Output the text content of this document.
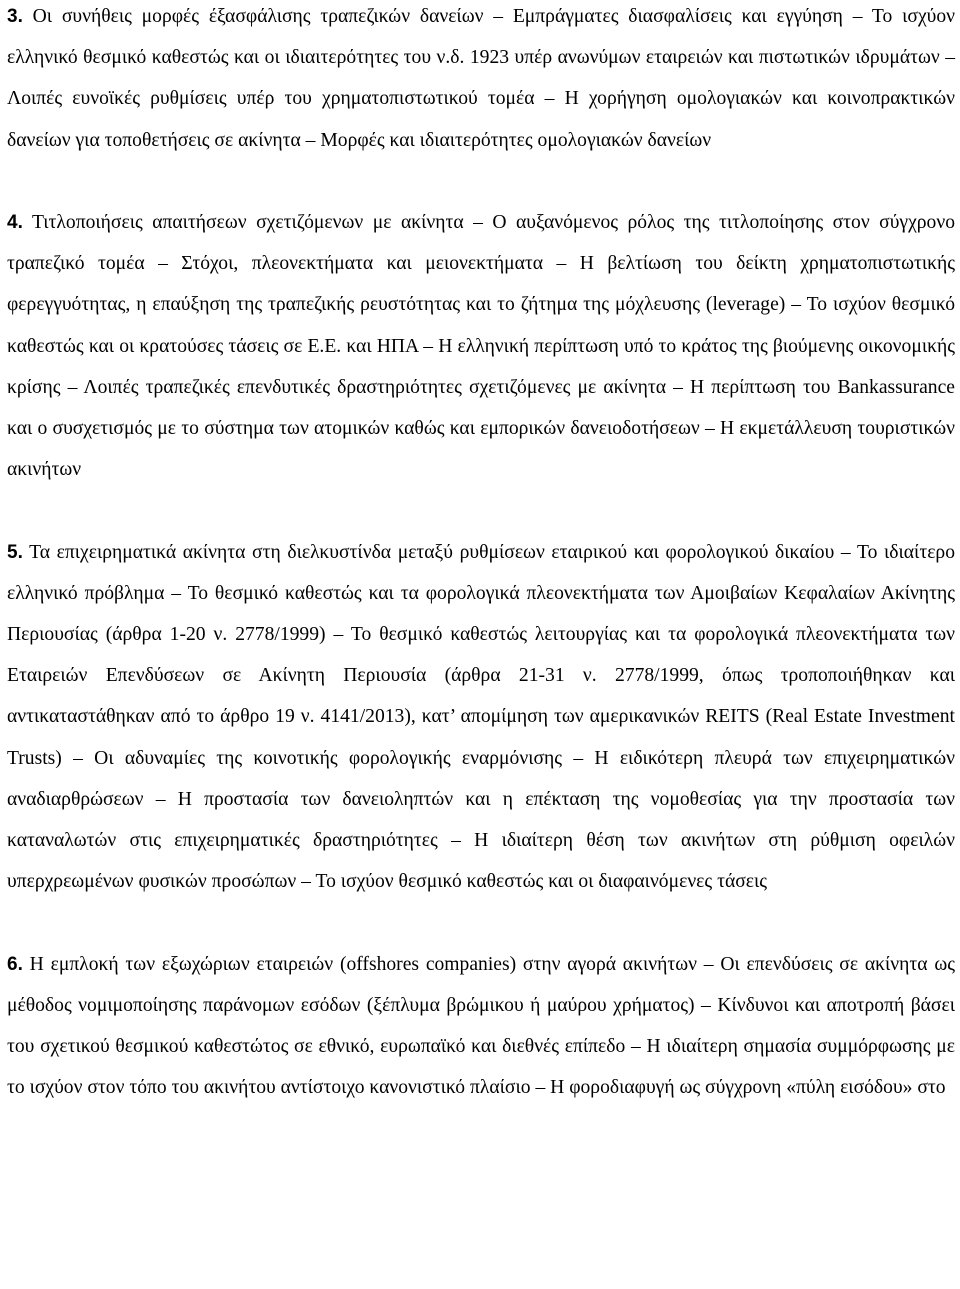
3. Οι συνήθεις μορφές έξασφάλισης τραπεζικών δανείων – Εμπράγματες διασφαλίσεις και εγγύηση – Το ισχύον ελληνικό θεσμικό καθεστώς και οι ιδιαιτερότητες του ν.δ. 1923 υπέρ ανωνύμων εταιρειών και πιστωτικών ιδρυμάτων – Λοιπές ευνοϊκές ρυθμίσεις υπέρ του χρηματοπιστωτικού τομέα – Η χορήγηση ομολογιακών και κοινοπρακτικών δανείων για τοποθετήσεις σε ακίνητα – Μορφές και ιδιαιτερότητες ομολογιακών δανείων

4. Τιτλοποιήσεις απαιτήσεων σχετιζόμενων με ακίνητα – Ο αυξανόμενος ρόλος της τιτλοποίησης στον σύγχρονο τραπεζικό τομέα – Στόχοι, πλεονεκτήματα και μειονεκτήματα – Η βελτίωση του δείκτη χρηματοπιστωτικής φερεγγυότητας, η επαύξηση της τραπεζικής ρευστότητας και το ζήτημα της μόχλευσης (leverage) – Το ισχύον θεσμικό καθεστώς και οι κρατούσες τάσεις σε Ε.Ε. και ΗΠΑ – Η ελληνική περίπτωση υπό το κράτος της βιούμενης οικονομικής κρίσης – Λοιπές τραπεζικές επενδυτικές δραστηριότητες σχετιζόμενες με ακίνητα – Η περίπτωση του Bankassurance και ο συσχετισμός με το σύστημα των ατομικών καθώς και εμπορικών δανειοδοτήσεων – Η εκμετάλλευση τουριστικών ακινήτων

5. Τα επιχειρηματικά ακίνητα στη διελκυστίνδα μεταξύ ρυθμίσεων εταιρικού και φορολογικού δικαίου – Το ιδιαίτερο ελληνικό πρόβλημα – Το θεσμικό καθεστώς και τα φορολογικά πλεονεκτήματα των Αμοιβαίων Κεφαλαίων Ακίνητης Περιουσίας (άρθρα 1-20 ν. 2778/1999) – Το θεσμικό καθεστώς λειτουργίας και τα φορολογικά πλεονεκτήματα των Εταιρειών Επενδύσεων σε Ακίνητη Περιουσία (άρθρα 21-31 ν. 2778/1999, όπως τροποποιήθηκαν και αντικαταστάθηκαν από το άρθρο 19 ν. 4141/2013), κατ’ απομίμηση των αμερικανικών REITS (Real Estate Investment Trusts) – Οι αδυναμίες της κοινοτικής φορολογικής εναρμόνισης – Η ειδικότερη πλευρά των επιχειρηματικών αναδιαρθρώσεων – Η προστασία των δανειοληπτών και η επέκταση της νομοθεσίας για την προστασία των καταναλωτών στις επιχειρηματικές δραστηριότητες – Η ιδιαίτερη θέση των ακινήτων στη ρύθμιση οφειλών υπερχρεωμένων φυσικών προσώπων – Το ισχύον θεσμικό καθεστώς και οι διαφαινόμενες τάσεις

6. Η εμπλοκή των εξωχώριων εταιρειών (offshores companies) στην αγορά ακινήτων – Οι επενδύσεις σε ακίνητα ως μέθοδος νομιμοποίησης παράνομων εσόδων (ξέπλυμα βρώμικου ή μαύρου χρήματος) – Κίνδυνοι και αποτροπή βάσει του σχετικού θεσμικού καθεστώτος σε εθνικό, ευρωπαϊκό και διεθνές επίπεδο – Η ιδιαίτερη σημασία συμμόρφωσης με το ισχύον στον τόπο του ακινήτου αντίστοιχο κανονιστικό πλαίσιο – Η φοροδιαφυγή ως σύγχρονη «πύλη εισόδου» στο
